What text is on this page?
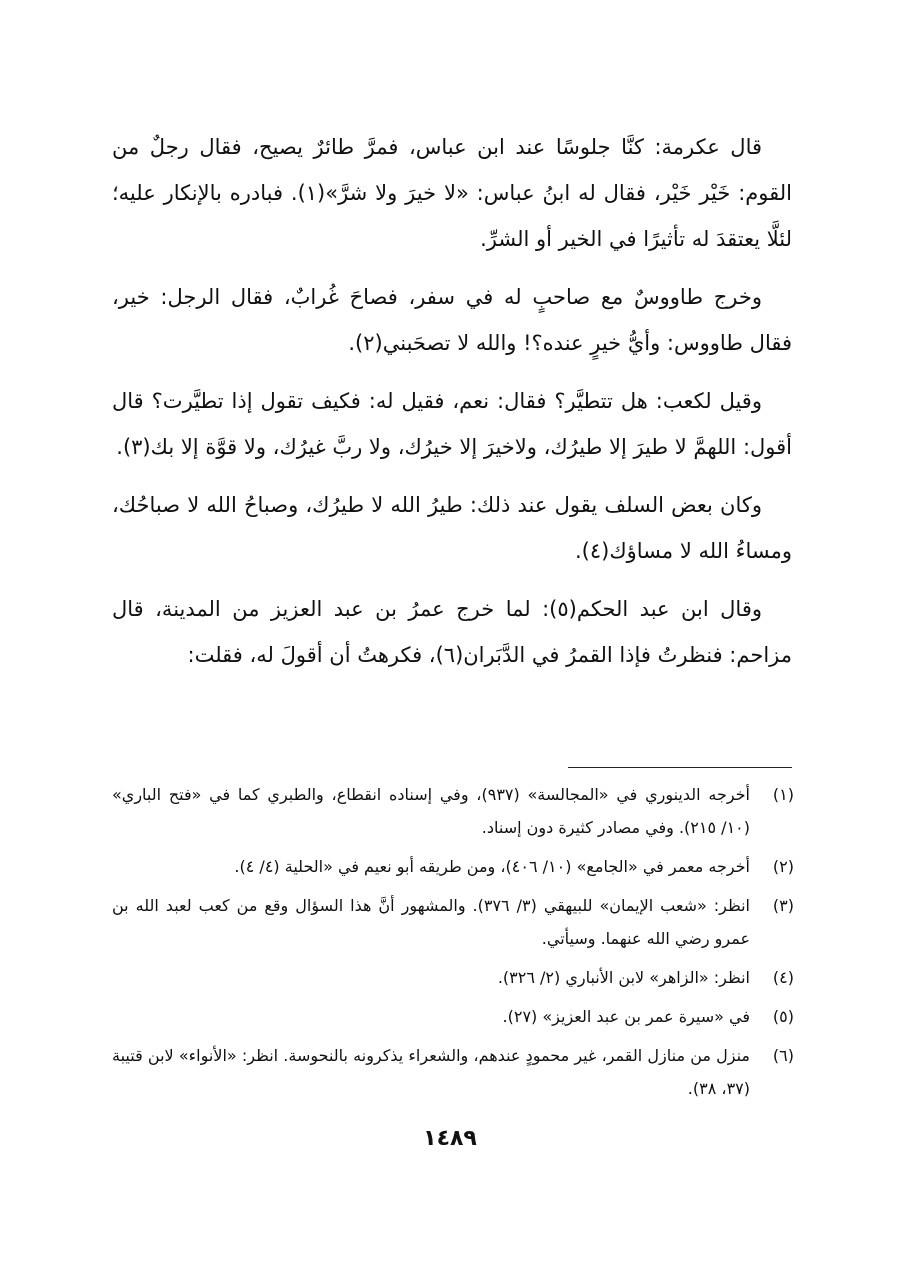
قال عكرمة: كنَّا جلوسًا عند ابن عباس، فمرَّ طائرٌ يصيح، فقال رجلٌ من القوم: خَيْر خَيْر، فقال له ابنُ عباس: «لا خيرَ ولا شرَّ»(١). فبادره بالإنكار عليه؛ لئلَّا يعتقدَ له تأثيرًا في الخير أو الشرِّ.

وخرج طاووسٌ مع صاحبٍ له في سفر، فصاحَ غُرابٌ، فقال الرجل: خير، فقال طاووس: وأيُّ خيرٍ عنده؟! والله لا تصحَبني(٢).

وقيل لكعب: هل تتطيَّر؟ فقال: نعم، فقيل له: فكيف تقول إذا تطيَّرت؟ قال أقول: اللهمَّ لا طيرَ إلا طيرُك، ولاخيرَ إلا خيرُك، ولا ربَّ غيرُك، ولا قوَّة إلا بك(٣).

وكان بعض السلف يقول عند ذلك: طيرُ الله لا طيرُك، وصباحُ الله لا صباحُك، ومساءُ الله لا مساؤك(٤).

وقال ابن عبد الحكم(٥): لما خرج عمرُ بن عبد العزيز من المدينة، قال مزاحم: فنظرتُ فإذا القمرُ في الدَّبَران(٦)، فكرهتُ أن أقولَ له، فقلت:

(١)
أخرجه الدينوري في «المجالسة» (٩٣٧)، وفي إسناده انقطاع، والطبري كما في «فتح الباري» (١٠/ ٢١٥). وفي مصادر كثيرة دون إسناد.
(٢)
أخرجه معمر في «الجامع» (١٠/ ٤٠٦)، ومن طريقه أبو نعيم في «الحلية (٤/ ٤).
(٣)
انظر: «شعب الإيمان» للبيهقي (٣/ ٣٧٦). والمشهور أنَّ هذا السؤال وقع من كعب لعبد الله بن عمرو رضي الله عنهما. وسيأتي.
(٤)
انظر: «الزاهر» لابن الأنباري (٢/ ٣٢٦).
(٥)
في «سيرة عمر بن عبد العزيز» (٢٧).
(٦)
منزل من منازل القمر، غير محمودٍ عندهم، والشعراء يذكرونه بالنحوسة. انظر: «الأنواء» لابن قتيبة (٣٧، ٣٨).
١٤٨٩
